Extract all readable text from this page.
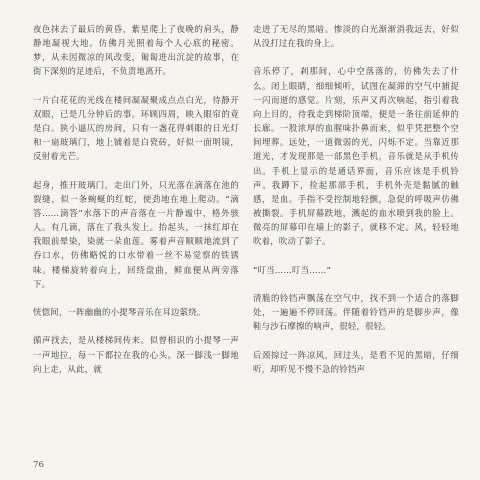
夜色抹去了最后的黄昏，紫星爬上了夜晚的肩头，静静地凝视大地。仿佛月光照着每个人心底的秘密。梦，从未因微凉的风改变，匍匐进出沉淀的故事，在街下深刻的足迹后，不负责地离开。

一片白花花的光线在楼间凝凝聚成点点白光，待静开双眼，已是几分钟后的事。环顾四周，映入眼帘的竟是白。狭小逼仄的房间，只有一盏花得刺眼的日光灯和一扇玻璃门，地上铺着是白瓷砖，好似一面明镜，反射着光芒。

起身，推开玻璃门，走出门外，只光落在滴落在池的裂缝，似一条蜿蜒的红蛇，使劲地在地上爬动。“滴答……滴答”水落下的声音落在一片静谧中，格外骇人。有几滴，落在了我头发上。抬起头，一抹红却在我眼前晕染，染就一朵血莲。雾着声音顺顺地流到了吞口水，仿佛略悦的口水带着一丝不易觉察的铁锈味。楼梯旋转着向上，回绕盘曲，鲜血便从两旁落下。

恍惚间，一阵幽幽的小提琴音乐在耳边萦绕。

循声找去，是从楼梯间传来。似曾相识的小提琴一声一声地拉，每一下都拉在我的心头。深一脚浅一脚地向上走，从此，就

走进了无尽的黑暗。惨淡的白光渐渐消我远去，好似从没打过在我的身上。

音乐停了，剎那间，心中空落落的，仿佛失去了什么。闭上眼睛，细细倾听，试图在凝滞的空气中捕捉一闪而逝的感觉。片刻，乐声又再次响起，指引着我向上目的，待我走到梯阶顶端，便是一条往前延伸的长廊。一股浓厚的血腥味扑鼻而来，似乎凭把整个空间埋葬。远处，一道微弱的光，闪烁不定。当靠近那道光，才发现那是一部黑色手机，音乐就是从手机传出。手机上显示的是通话界面，音乐应该是手机铃声。我蹲下，捡起那部手机，手机外壳是黏腻的触感，是血。手指不受控制地轻颤，急促的呼吸声仿佛被撕裂。手机屏幕跌地，溅起的血水喷到我的脸上。微亮的屏幕印在墙上的影子，就移不定。风，轻轻地吹着，吹动了影子。

“叮当……叮当……”

清脆的铃铛声飘荡在空气中，找不到一个适合的落脚处，一遍遍不停回荡。伴随着铃铛声的是脚步声，像鞋与沙石摩擦的响声，很轻，很轻。

后颈掠过一阵凉风，回过头，是看不见的黑暗，仔细听，却听见不慢不急的铃铛声

76
